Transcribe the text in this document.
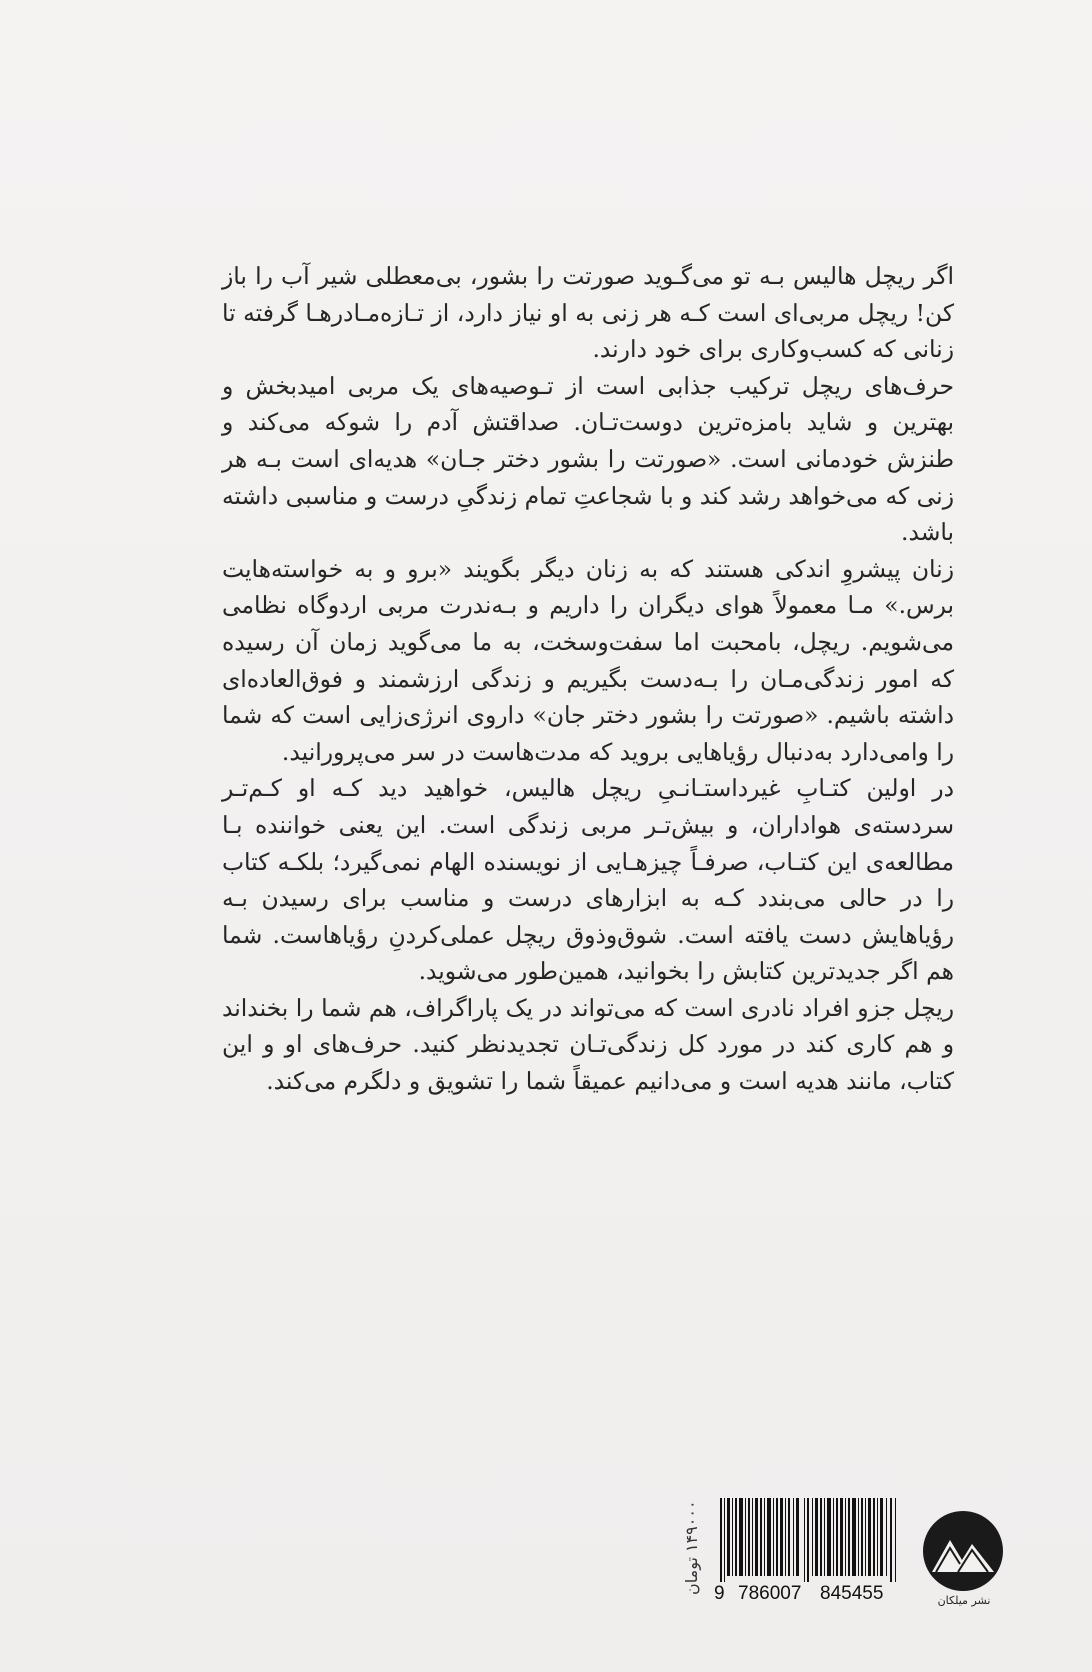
اگر ریچل هالیس بـه تو می‌گـوید صورتت را بشور، بی‌معطلی شیر آب را باز کن! ریچل مربی‌ای است کـه هر زنی به او نیاز دارد، از تـازه‌مـادرهـا گرفته تا زنانی که کسب‌وکاری برای خود دارند.

حرف‌های ریچل ترکیب جذابی است از تـوصیه‌های یک مربی امیدبخش و بهترین و شاید بامزه‌ترین دوست‌تـان. صداقتش آدم را شوکه می‌کند و طنزش خودمانی است. «صورتت را بشور دختر جـان» هدیه‌ای است بـه هر زنی که می‌خواهد رشد کند و با شجاعتِ تمام زندگیِ درست و مناسبی داشته باشد.

زنان پیشروِ اندکی هستند که به زنان دیگر بگویند «برو و به خواسته‌هایت برس.» مـا معمولاً هوای دیگران را داریم و بـه‌ندرت مربی اردوگاه نظامی می‌شویم. ریچل، بامحبت اما سفت‌وسخت، به ما می‌گوید زمان آن رسیده که امور زندگی‌مـان را بـه‌دست بگیریم و زندگی ارزشمند و فوق‌العاده‌ای داشته باشیم. «صورتت را بشور دختر جان» داروی انرژی‌زایی است که شما را وامی‌دارد به‌دنبال رؤیاهایی بروید که مدت‌هاست در سر می‌پرورانید.

در اولین کتـابِ غیرداستـانـیِ ریچل هالیس، خواهید دید کـه او کـم‌تـر سردسته‌ی هواداران، و بیش‌تـر مربی زندگی است. این یعنی خواننده بـا مطالعه‌ی این کتـاب، صرفـاً چیزهـایی از نویسنده الهام نمی‌گیرد؛ بلکـه کتاب را در حالی می‌بندد کـه به ابزارهای درست و مناسب برای رسیدن بـه رؤیاهایش دست یافته است. شوق‌وذوق ریچل عملی‌کردنِ رؤیاهاست. شما هم اگر جدیدترین کتابش را بخوانید، همین‌طور می‌شوید.

ریچل جزو افراد نادری است که می‌تواند در یک پاراگراف، هم شما را بخنداند و هم کاری کند در مورد کل زندگی‌تـان تجدیدنظر کنید. حرف‌های او و این کتاب، مانند هدیه است و می‌دانیم عمیقاً شما را تشویق و دلگرم می‌کند.

نشر میلکان
9 786007 845455
۱۴۹۰۰۰ تومان
